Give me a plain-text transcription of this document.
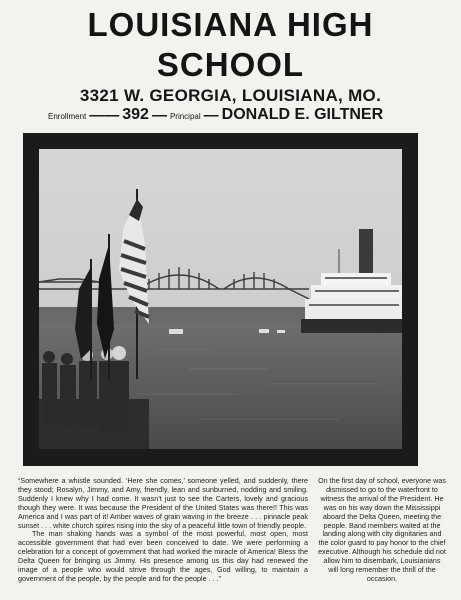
LOUISIANA HIGH
SCHOOL
3321 W. GEORGIA, LOUISIANA, MO.
Enrollment —— 392 — Principal — DONALD E. GILTNER

“Somewhere a whistle sounded. ‘Here she comes,’ someone yelled, and suddenly, there they stood; Rosalyn, Jimmy, and Amy, friendly, lean and sunburned, nodding and smiling. Suddenly I knew why I had come. It wasn’t just to see the Carters, lovely and gracious though they were. It was because the President of the United States was there!! This was America and I was part of it! Amber waves of grain waving in the breeze . . . pinnacle peak sunset . . . white church spires rising into the sky of a peaceful little town of friendly people.

The man shaking hands was a symbol of the most powerful, most open, most accessible government that had ever been conceived to date. We were performing a celebration for a concept of government that had worked the miracle of America! Bless the Delta Queen for bringing us Jimmy. His presence among us this day had renewed the image of a people who would strive through the ages, God willing, to maintain a government of the people, by the people and for the people . . .”

On the first day of school, everyone was dismissed to go to the waterfront to witness the arrival of the President. He was on his way down the Mississippi aboard the Delta Queen, meeting the people. Band members waited at the landing along with city dignitaries and the color guard to pay honor to the chief executive. Although his schedule did not allow him to disembark, Louisianians will long remember the thrill of the occasion.
